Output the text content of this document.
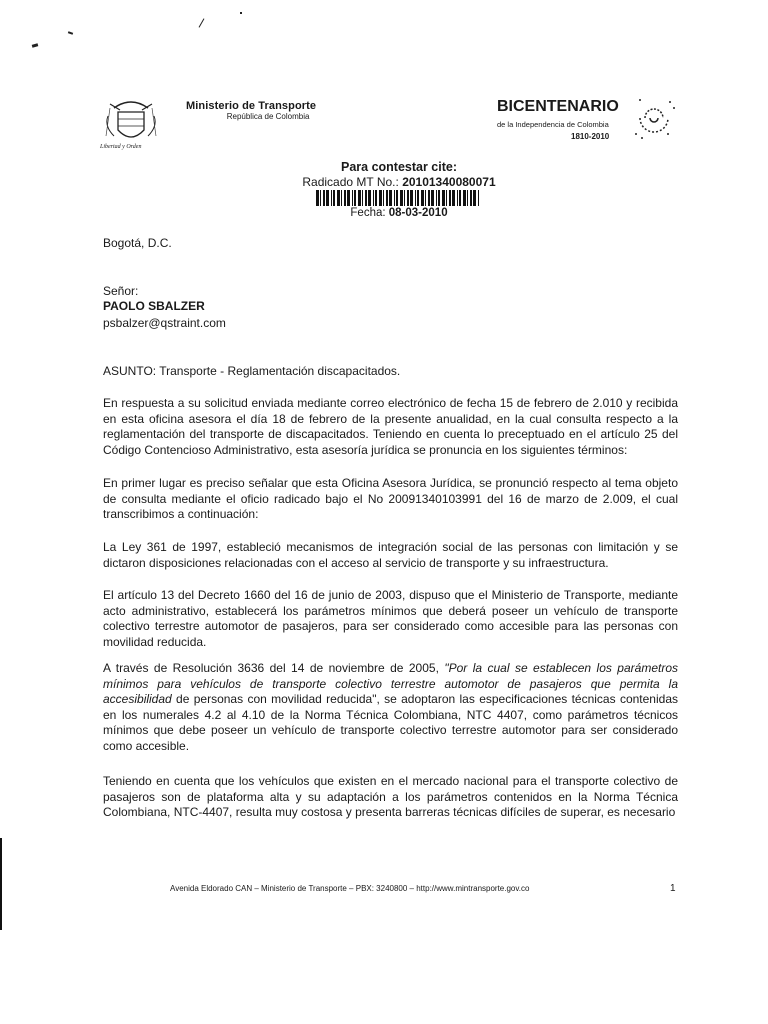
Libertad y Orden
Ministerio de Transporte
República de Colombia
BICENTENARIO
de la Independencia de Colombia
1810-2010
Para contestar cite:
Radicado MT No.: 20101340080071
Fecha: 08-03-2010
Bogotá, D.C.
Señor:
PAOLO SBALZER
psbalzer@qstraint.com
ASUNTO: Transporte - Reglamentación discapacitados.
En respuesta a su solicitud enviada mediante correo electrónico de fecha 15 de febrero de 2.010 y recibida en esta oficina asesora el día 18 de febrero de la presente anualidad, en la cual consulta respecto a la reglamentación del transporte de discapacitados. Teniendo en cuenta lo preceptuado en el artículo 25 del Código Contencioso Administrativo, esta asesoría jurídica se pronuncia en los siguientes términos:
En primer lugar es preciso señalar que esta Oficina Asesora Jurídica, se pronunció respecto al tema objeto de consulta mediante el oficio radicado bajo el No 20091340103991 del 16 de marzo de 2.009, el cual transcribimos a continuación:
La Ley 361 de 1997, estableció mecanismos de integración social de las personas con limitación y se dictaron disposiciones relacionadas con el acceso al servicio de transporte y su infraestructura.
El artículo 13 del Decreto 1660 del 16 de junio de 2003, dispuso que el Ministerio de Transporte, mediante acto administrativo, establecerá los parámetros mínimos que deberá poseer un vehículo de transporte colectivo terrestre automotor de pasajeros, para ser considerado como accesible para las personas con movilidad reducida.
A través de Resolución 3636 del 14 de noviembre de 2005, "Por la cual se establecen los parámetros mínimos para vehículos de transporte colectivo terrestre automotor de pasajeros que permita la accesibilidad de personas con movilidad reducida", se adoptaron las especificaciones técnicas contenidas en los numerales 4.2 al 4.10 de la Norma Técnica Colombiana, NTC 4407, como parámetros técnicos mínimos que debe poseer un vehículo de transporte colectivo terrestre automotor para ser considerado como accesible.
Teniendo en cuenta que los vehículos que existen en el mercado nacional para el transporte colectivo de pasajeros son de plataforma alta y su adaptación a los parámetros contenidos en la Norma Técnica Colombiana, NTC-4407, resulta muy costosa y presenta barreras técnicas difíciles de superar, es necesario
Avenida Eldorado CAN – Ministerio de Transporte – PBX: 3240800 – http://www.mintransporte.gov.co	1
